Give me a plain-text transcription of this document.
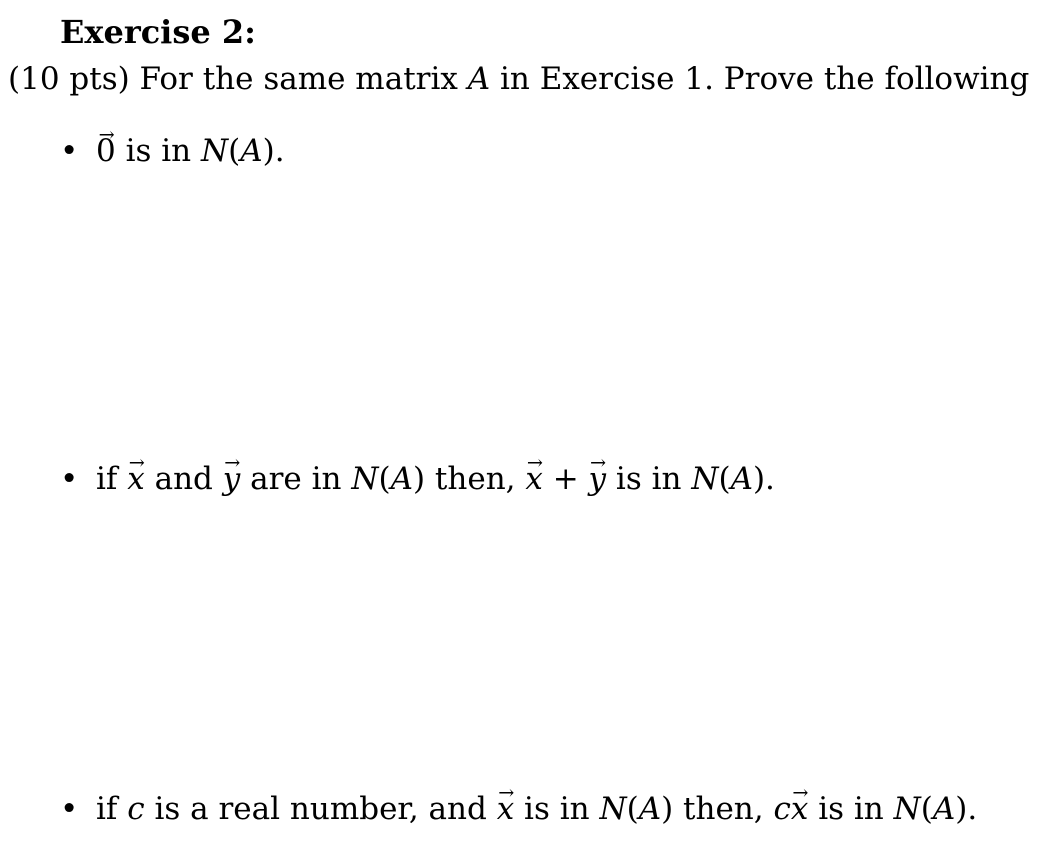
Exercise 2:
(10 pts) For the same matrix A in Exercise 1. Prove the following
•→ 0 is in N(A).
• if → x and → y are in N(A) then, → x + → y is in N(A).
• if c is a real number, and → x is in N(A) then, c→ x is in N(A).
